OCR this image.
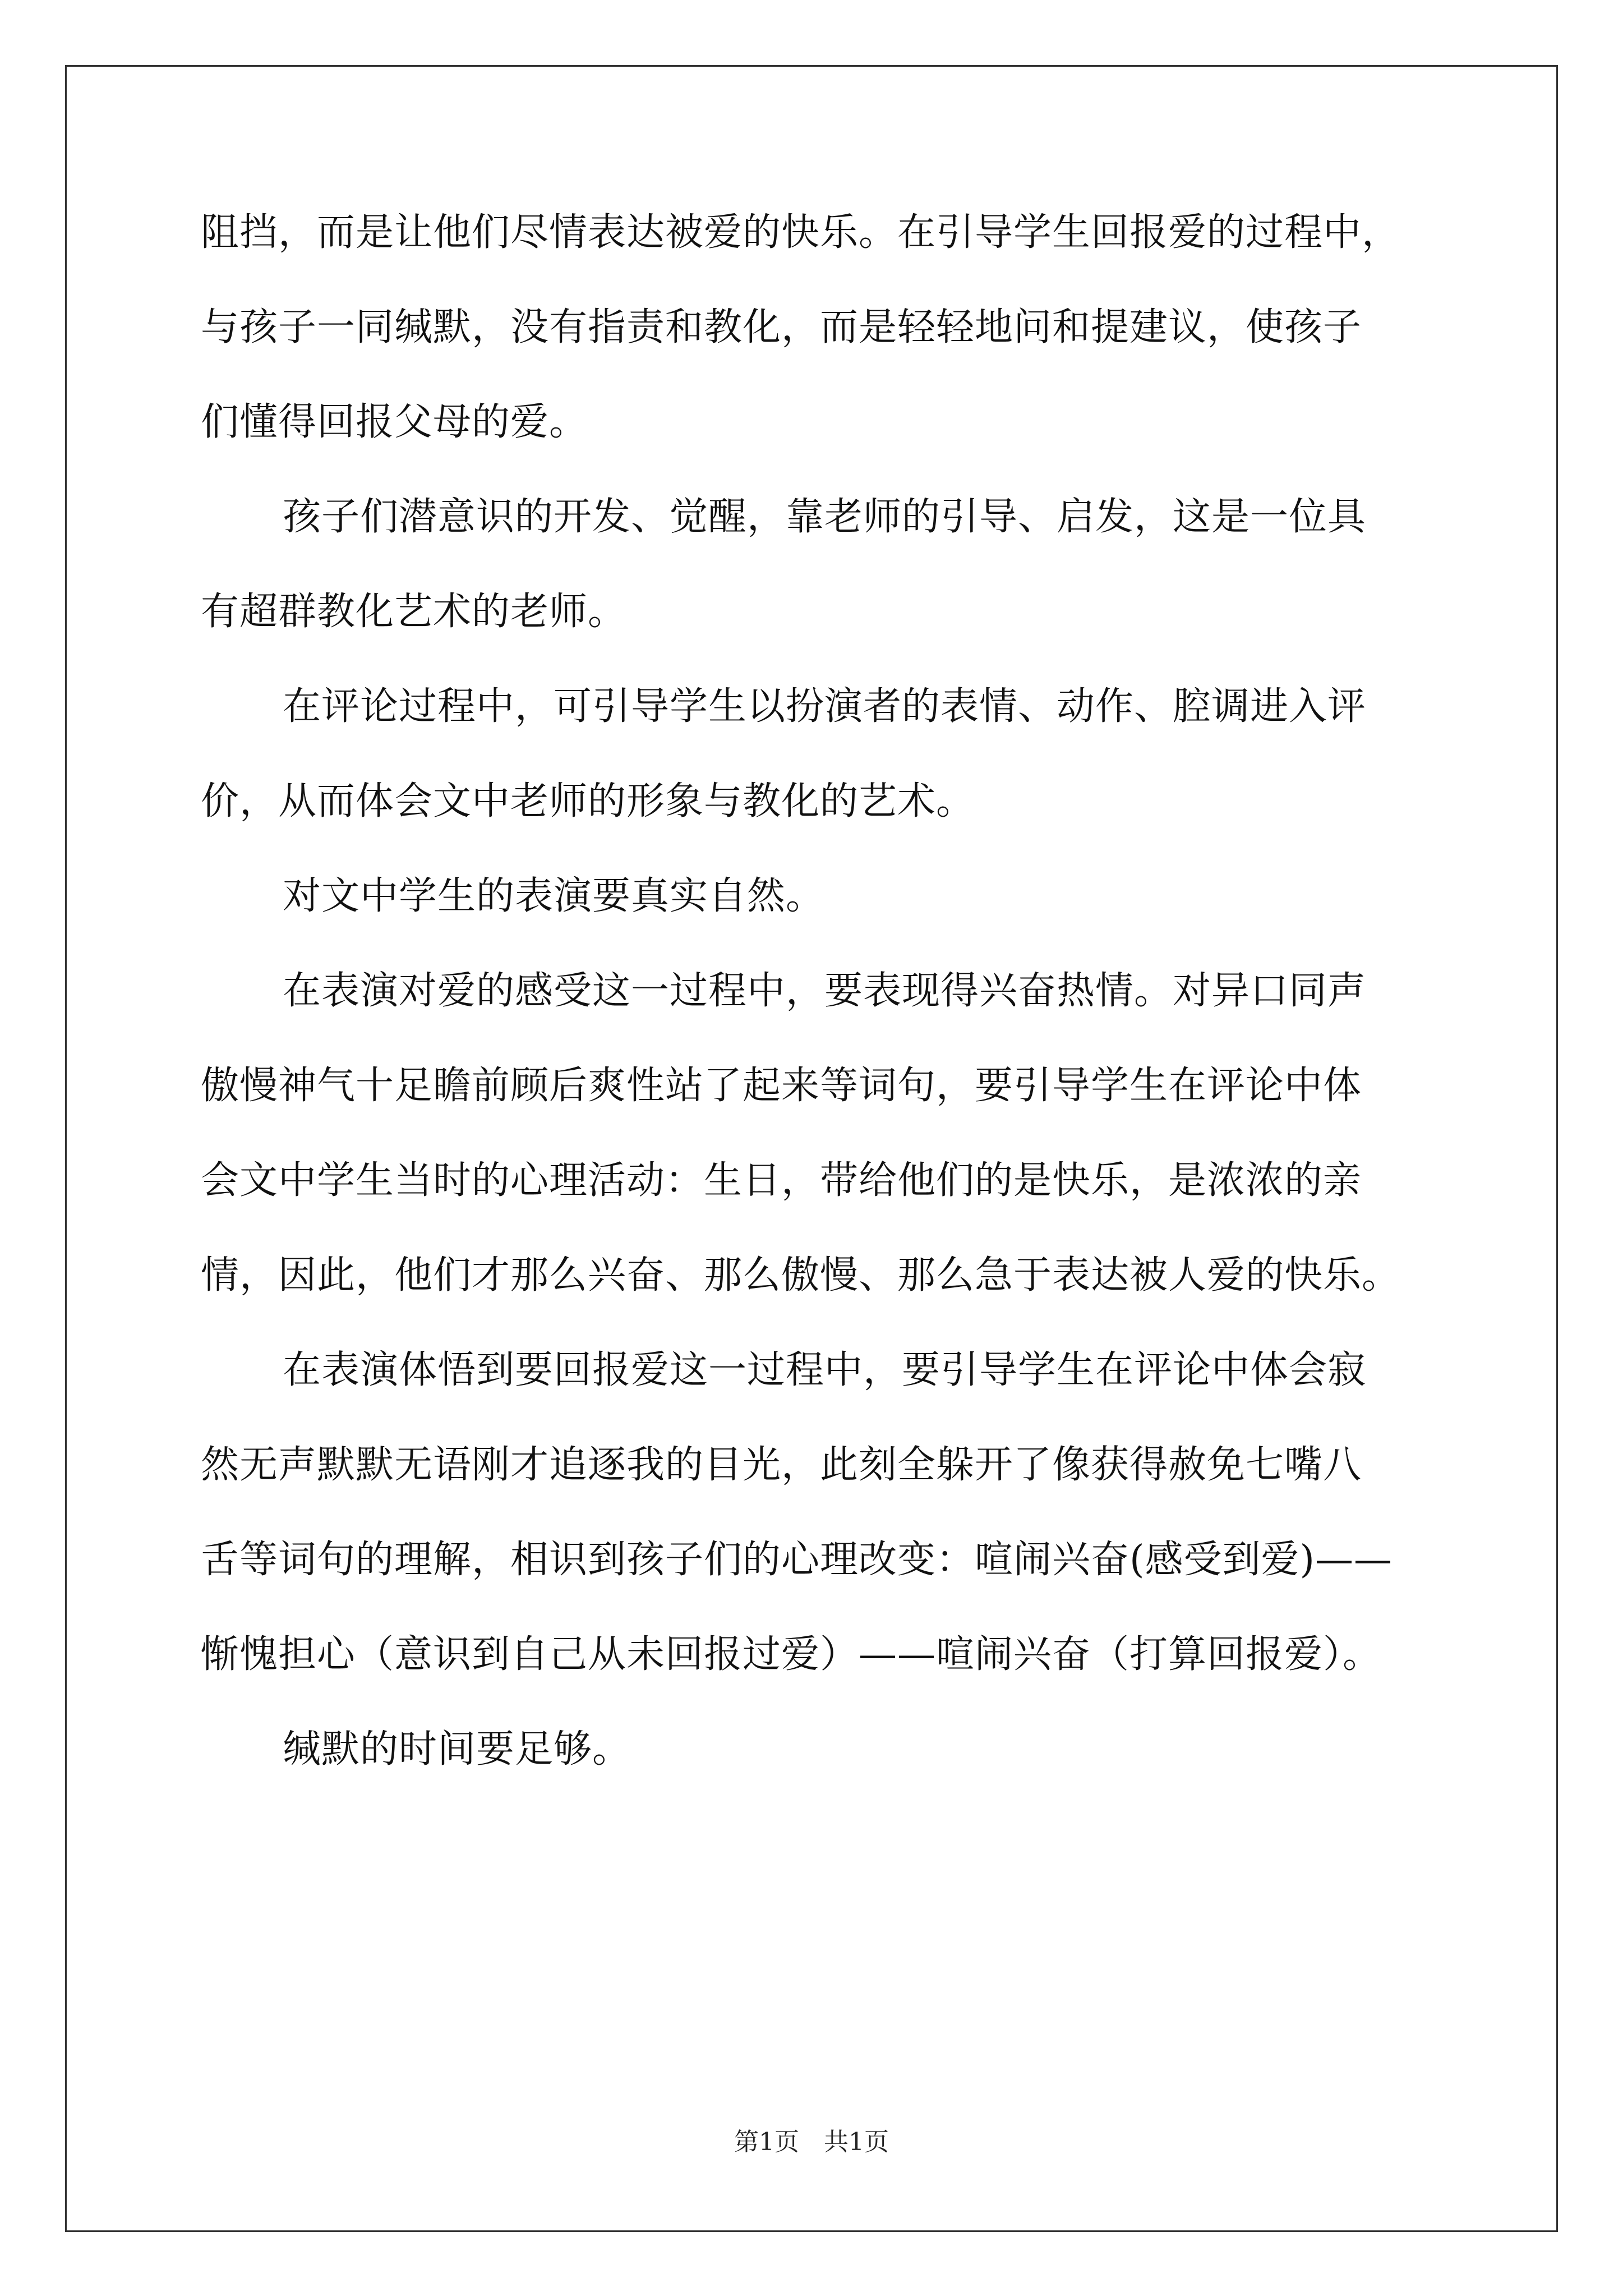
阻挡，而是让他们尽情表达被爱的快乐。在引导学生回报爱的过程中，
与孩子一同缄默，没有指责和教化，而是轻轻地问和提建议，使孩子
们懂得回报父母的爱。
孩子们潜意识的开发、觉醒，靠老师的引导、启发，这是一位具
有超群教化艺术的老师。
在评论过程中，可引导学生以扮演者的表情、动作、腔调进入评
价，从而体会文中老师的形象与教化的艺术。
对文中学生的表演要真实自然。
在表演对爱的感受这一过程中，要表现得兴奋热情。对异口同声
傲慢神气十足瞻前顾后爽性站了起来等词句，要引导学生在评论中体
会文中学生当时的心理活动：生日，带给他们的是快乐，是浓浓的亲
情，因此，他们才那么兴奋、那么傲慢、那么急于表达被人爱的快乐。
在表演体悟到要回报爱这一过程中，要引导学生在评论中体会寂
然无声默默无语刚才追逐我的目光，此刻全躲开了像获得赦免七嘴八
舌等词句的理解，相识到孩子们的心理改变：喧闹兴奋(感受到爱)——
惭愧担心（意识到自己从未回报过爱）——喧闹兴奋（打算回报爱）。
缄默的时间要足够。
第1页　共1页
